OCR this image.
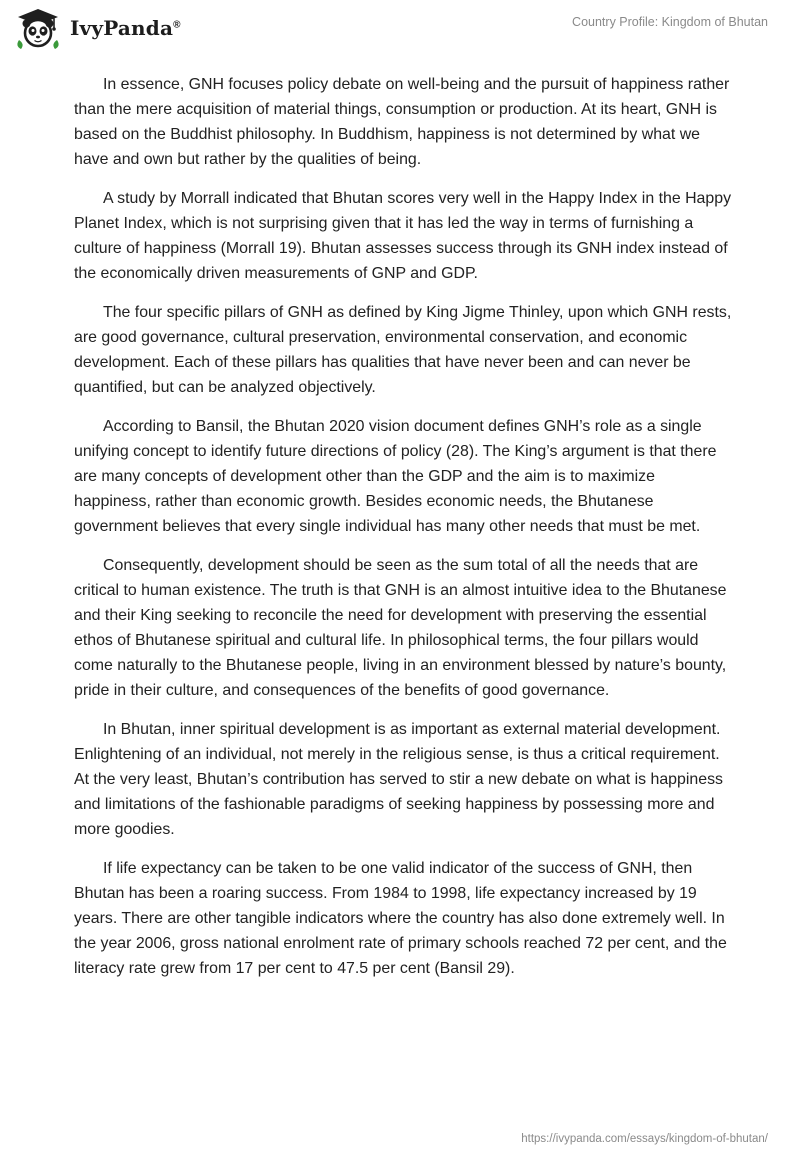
IvyPanda®	Country Profile: Kingdom of Bhutan

In essence, GNH focuses policy debate on well-being and the pursuit of happiness rather than the mere acquisition of material things, consumption or production. At its heart, GNH is based on the Buddhist philosophy. In Buddhism, happiness is not determined by what we have and own but rather by the qualities of being.

A study by Morrall indicated that Bhutan scores very well in the Happy Index in the Happy Planet Index, which is not surprising given that it has led the way in terms of furnishing a culture of happiness (Morrall 19). Bhutan assesses success through its GNH index instead of the economically driven measurements of GNP and GDP.

The four specific pillars of GNH as defined by King Jigme Thinley, upon which GNH rests, are good governance, cultural preservation, environmental conservation, and economic development. Each of these pillars has qualities that have never been and can never be quantified, but can be analyzed objectively.

According to Bansil, the Bhutan 2020 vision document defines GNH’s role as a single unifying concept to identify future directions of policy (28). The King’s argument is that there are many concepts of development other than the GDP and the aim is to maximize happiness, rather than economic growth. Besides economic needs, the Bhutanese government believes that every single individual has many other needs that must be met.

Consequently, development should be seen as the sum total of all the needs that are critical to human existence. The truth is that GNH is an almost intuitive idea to the Bhutanese and their King seeking to reconcile the need for development with preserving the essential ethos of Bhutanese spiritual and cultural life. In philosophical terms, the four pillars would come naturally to the Bhutanese people, living in an environment blessed by nature’s bounty, pride in their culture, and consequences of the benefits of good governance.

In Bhutan, inner spiritual development is as important as external material development. Enlightening of an individual, not merely in the religious sense, is thus a critical requirement. At the very least, Bhutan’s contribution has served to stir a new debate on what is happiness and limitations of the fashionable paradigms of seeking happiness by possessing more and more goodies.

If life expectancy can be taken to be one valid indicator of the success of GNH, then Bhutan has been a roaring success. From 1984 to 1998, life expectancy increased by 19 years. There are other tangible indicators where the country has also done extremely well. In the year 2006, gross national enrolment rate of primary schools reached 72 per cent, and the literacy rate grew from 17 per cent to 47.5 per cent (Bansil 29).

https://ivypanda.com/essays/kingdom-of-bhutan/
